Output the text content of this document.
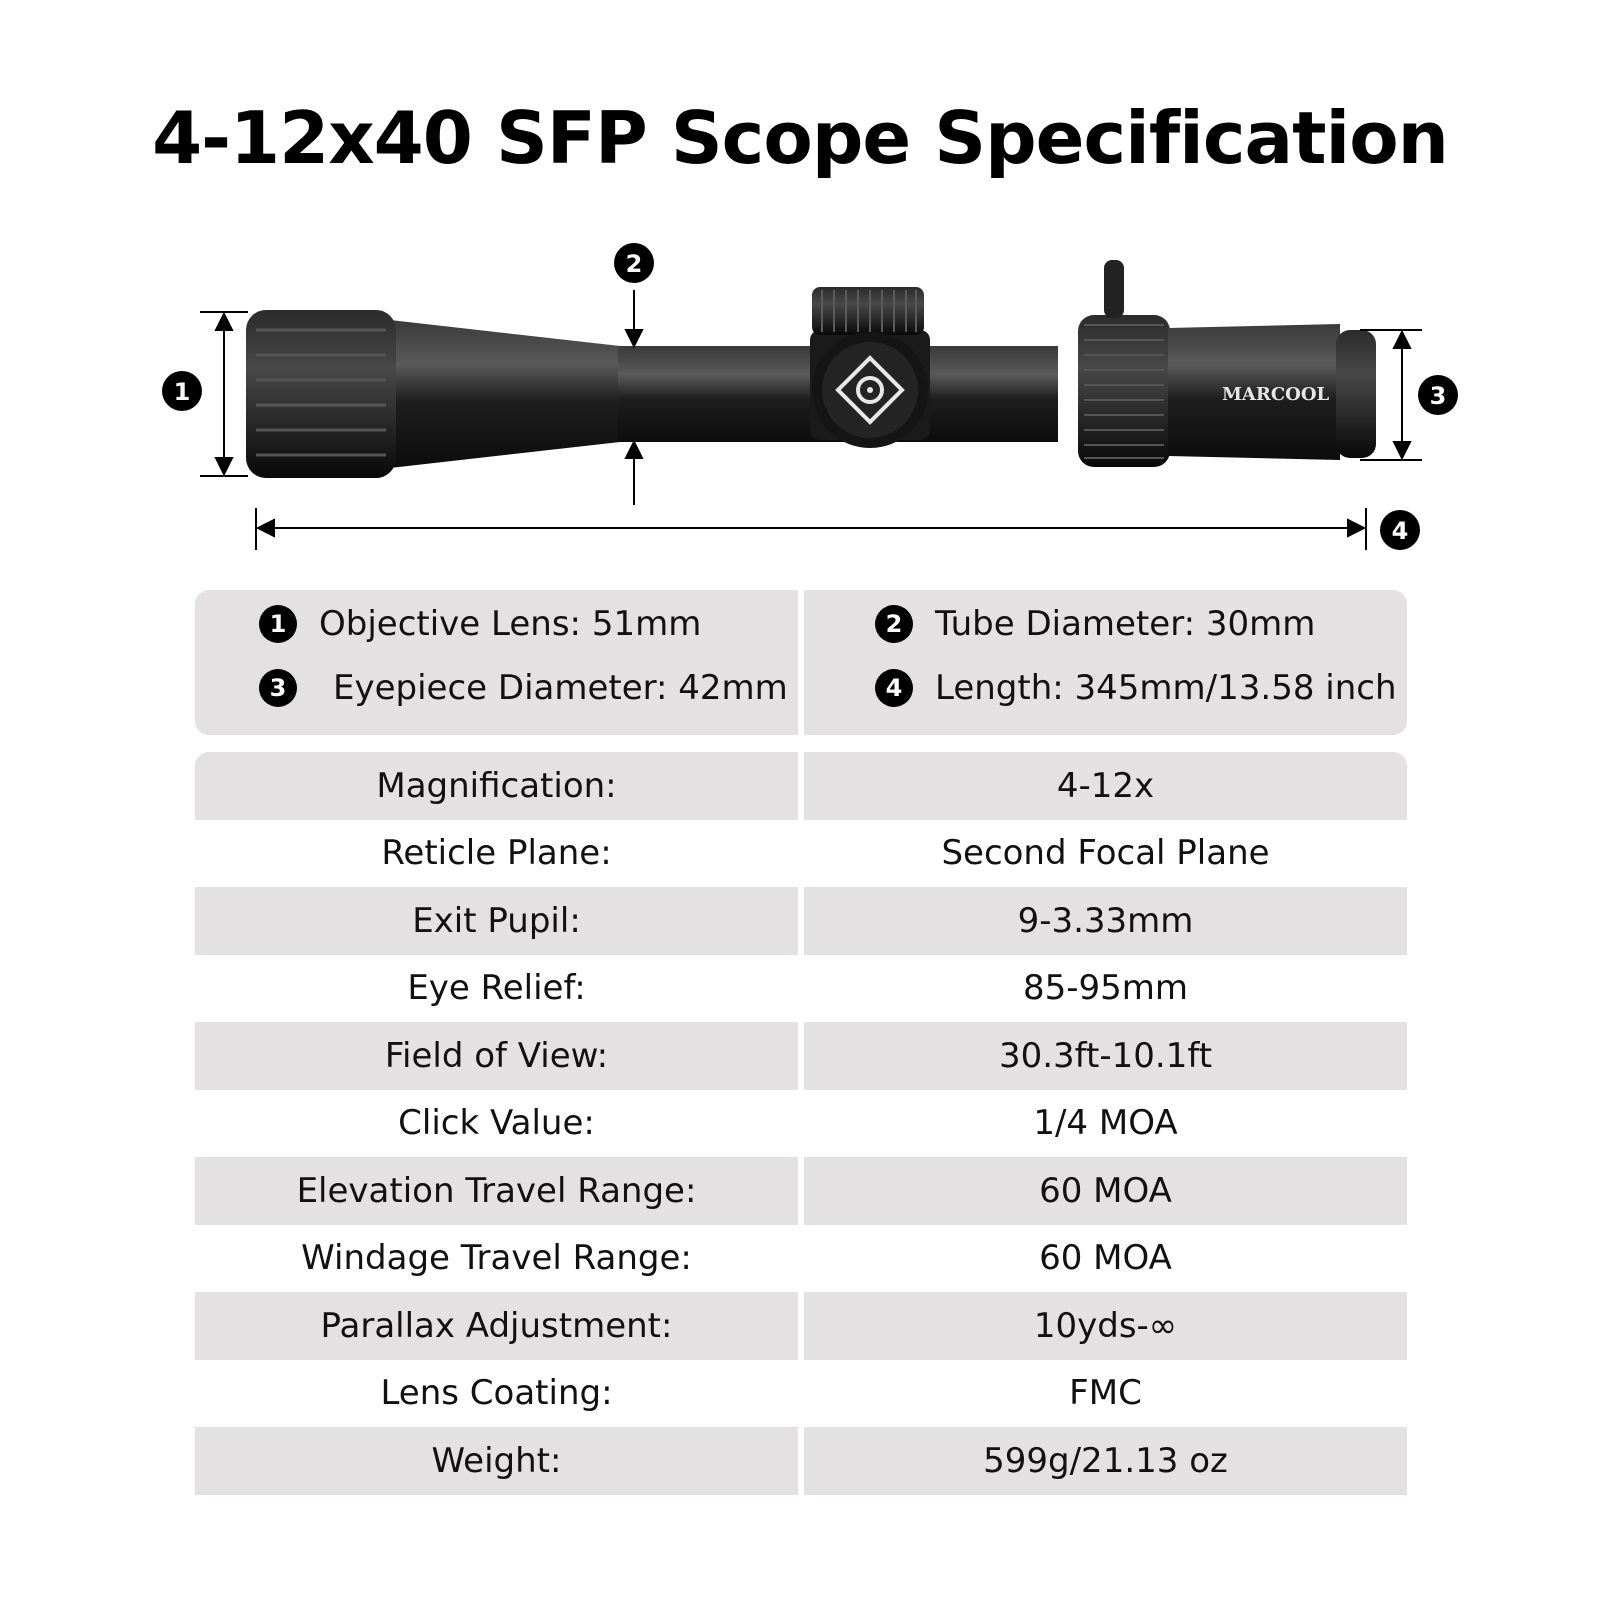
4-12x40 SFP Scope Specification
MARCOOL
1
2
3
4
1 Objective Lens: 51mm	2 Tube Diameter: 30mm
3	Eyepiece Diameter: 42mm	4 Length: 345mm/13.58 inch
Magnification:	4-12x
Reticle Plane:	Second Focal Plane
Exit Pupil:	9-3.33mm
Eye Relief:	85-95mm
Field of View:	30.3ft-10.1ft
Click Value:	1/4 MOA
Elevation Travel Range:	60 MOA
Windage Travel Range:	60 MOA
Parallax Adjustment:	10yds-∞
Lens Coating:	FMC
Weight:	599g/21.13 oz
